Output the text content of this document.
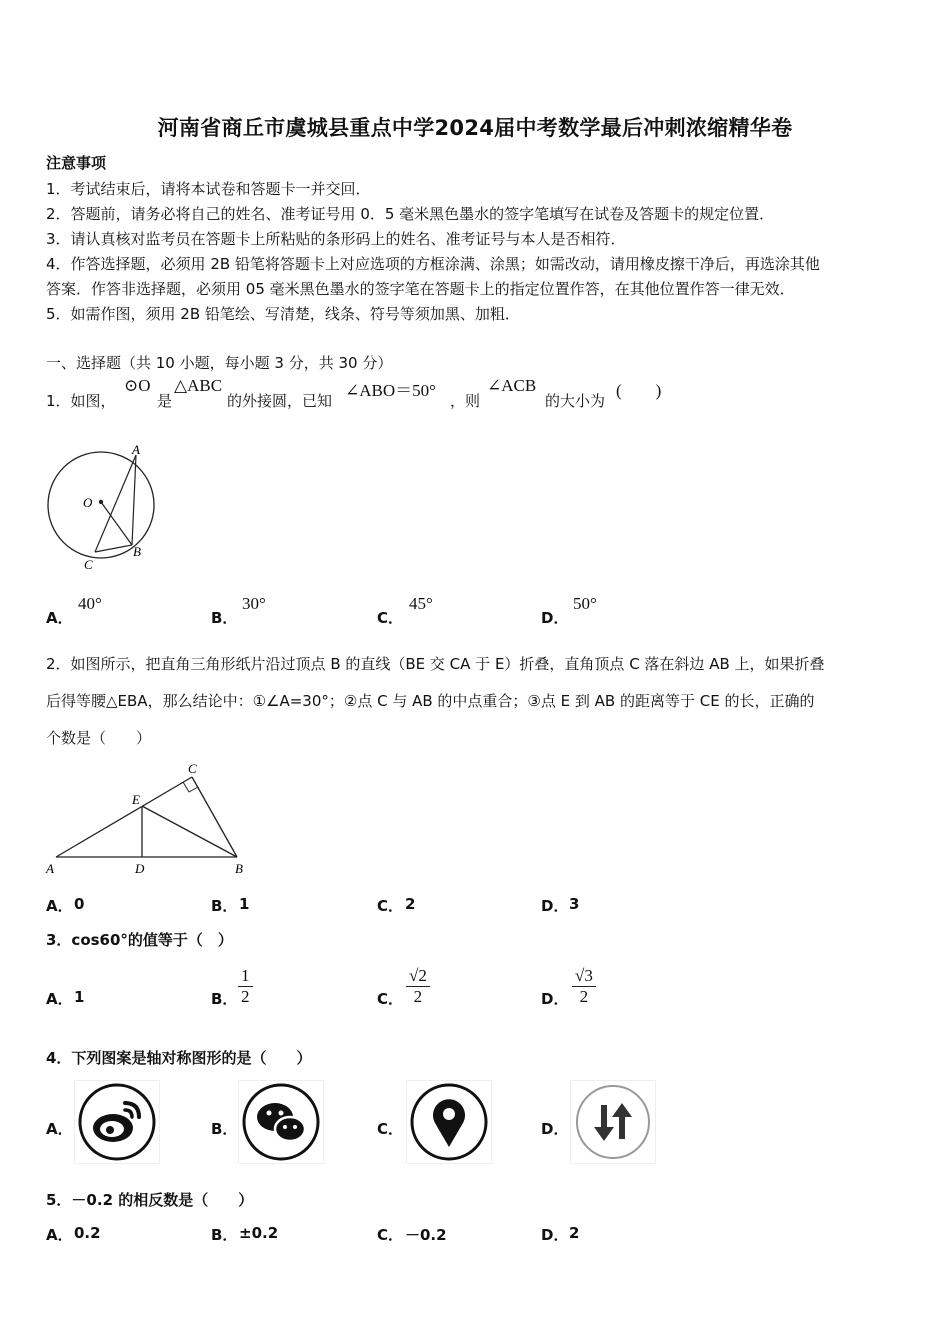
河南省商丘市虞城县重点中学2024届中考数学最后冲刺浓缩精华卷
注意事项
1．考试结束后，请将本试卷和答题卡一并交回．
2．答题前，请务必将自己的姓名、准考证号用 0．5 毫米黑色墨水的签字笔填写在试卷及答题卡的规定位置．
3．请认真核对监考员在答题卡上所粘贴的条形码上的姓名、准考证号与本人是否相符．
4．作答选择题，必须用 2B 铅笔将答题卡上对应选项的方框涂满、涂黑；如需改动，请用橡皮擦干净后，再选涂其他
答案．作答非选择题，必须用 05 毫米黑色墨水的签字笔在答题卡上的指定位置作答，在其他位置作答一律无效．
5．如需作图，须用 2B 铅笔绘、写清楚，线条、符号等须加黑、加粗．
一、选择题（共 10 小题，每小题 3 分，共 30 分）
1．如图，
⊙O
是
△ABC
的外接圆，已知
∠ABO＝50°
，则
∠ACB
的大小为
(　　)
A
O
B
C
A．
40°
B．
30°
C．
45°
D．
50°
2．如图所示，把直角三角形纸片沿过顶点 B 的直线（BE 交 CA 于 E）折叠，直角顶点 C 落在斜边 AB 上，如果折叠
后得等腰△EBA，那么结论中：①∠A=30°；②点 C 与 AB 的中点重合；③点 E 到 AB 的距离等于 CE 的长，正确的
个数是（　　）
C
E
A	D	B
A． 0	B． 1	C． 2	D． 3
3．cos60°的值等于（　）
A． 1	B． $\frac{1}{2}$	C． $\frac{√2}{2}$	D． $\frac{√3}{2}$
4．下列图案是轴对称图形的是（　　）
A．	B．	C．	D．
5．－0.2 的相反数是（　　）
A． 0.2	B． ±0.2	C． －0.2	D． 2
